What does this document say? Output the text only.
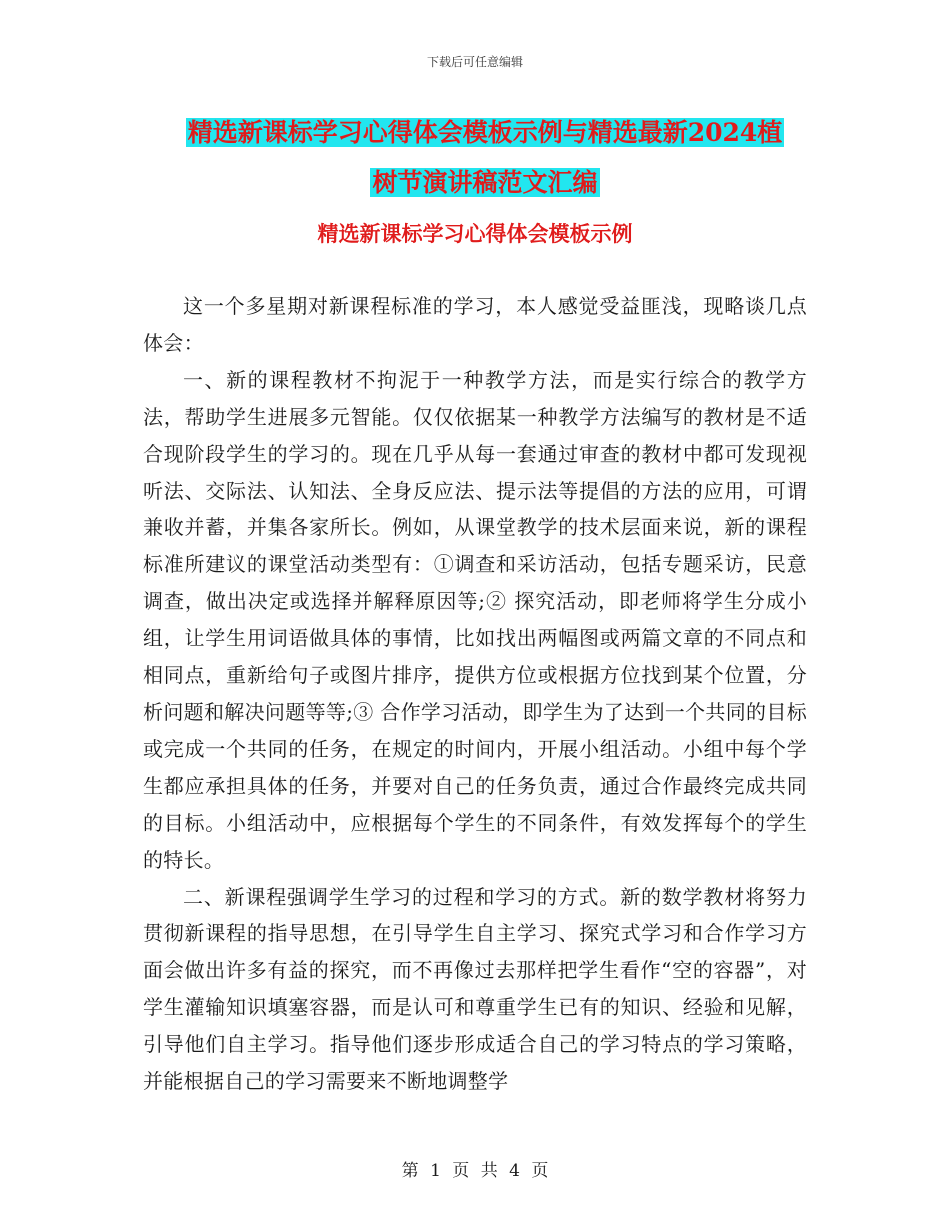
下载后可任意编辑
精选新课标学习心得体会模板示例与精选最新2024植
树节演讲稿范文汇编
精选新课标学习心得体会模板示例

这一个多星期对新课程标准的学习，本人感觉受益匪浅，现略谈几点体会：

一、新的课程教材不拘泥于一种教学方法，而是实行综合的教学方法，帮助学生进展多元智能。仅仅依据某一种教学方法编写的教材是不适合现阶段学生的学习的。现在几乎从每一套通过审查的教材中都可发现视听法、交际法、认知法、全身反应法、提示法等提倡的方法的应用，可谓兼收并蓄，并集各家所长。例如，从课堂教学的技术层面来说，新的课程标准所建议的课堂活动类型有：①调查和采访活动，包括专题采访，民意调查，做出决定或选择并解释原因等;② 探究活动，即老师将学生分成小组，让学生用词语做具体的事情，比如找出两幅图或两篇文章的不同点和相同点，重新给句子或图片排序，提供方位或根据方位找到某个位置，分析问题和解决问题等等;③ 合作学习活动，即学生为了达到一个共同的目标或完成一个共同的任务，在规定的时间内，开展小组活动。小组中每个学生都应承担具体的任务，并要对自己的任务负责，通过合作最终完成共同的目标。小组活动中，应根据每个学生的不同条件，有效发挥每个的学生的特长。

二、新课程强调学生学习的过程和学习的方式。新的数学教材将努力贯彻新课程的指导思想，在引导学生自主学习、探究式学习和合作学习方面会做出许多有益的探究，而不再像过去那样把学生看作“空的容器”，对学生灌输知识填塞容器，而是认可和尊重学生已有的知识、经验和见解，引导他们自主学习。指导他们逐步形成适合自己的学习特点的学习策略，并能根据自己的学习需要来不断地调整学

第 1 页 共 4 页
